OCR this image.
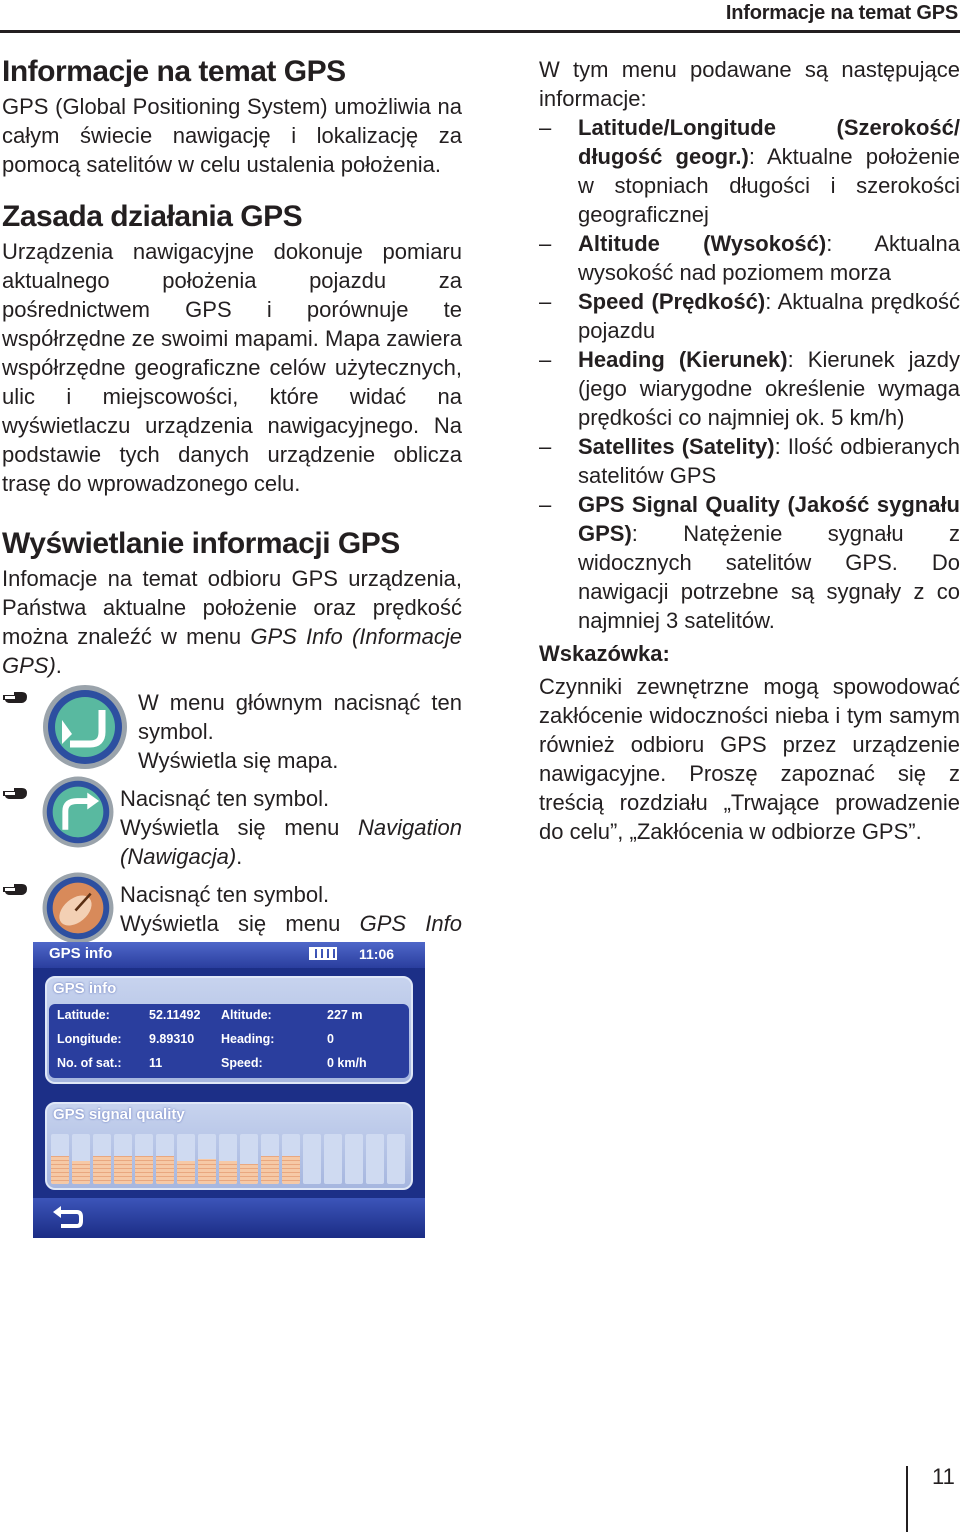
Informacje na temat GPS
Informacje na temat GPS

GPS (Global Positioning System) umożliwia na całym świecie nawigację i lokalizację za pomocą satelitów w celu ustalenia położenia.

Zasada działania GPS

Urządzenia nawigacyjne dokonuje pomiaru aktualnego położenia pojazdu za pośrednictwem GPS i porównuje te współrzędne ze swoimi mapami. Mapa zawiera współrzędne geograficzne celów użytecznych, ulic i miejscowości, które widać na wyświetlaczu urządzenia nawigacyjnego. Na podstawie tych danych urządzenie oblicza trasę do wprowadzonego celu.

Wyświetlanie informacji GPS

Infomacje na temat odbioru GPS urządzenia, Państwa aktualne położenie oraz prędkość można znaleźć w menu GPS Info (Informacje GPS).

W menu głównym nacisnąć ten symbol.
Wyświetla się mapa.
Nacisnąć ten symbol.
Wyświetla się menu Navigation (Nawigacja).
Nacisnąć ten symbol.
Wyświetla się menu GPS Info
GPS info	11:06
GPS info
Latitude:	52.11492 Altitude:	227 m
Longitude: 9.89310 Heading:	0
No. of sat.: 11	Speed:	0 km/h
GPS signal quality

W tym menu podawane są następujące informacje:

– Latitude/Longitude (Szerokość/ długość geogr.): Aktualne położenie w stopniach długości i szerokości geograficznej
– Altitude (Wysokość): Aktualna wysokość nad poziomem morza
– Speed (Prędkość): Aktualna prędkość pojazdu
– Heading (Kierunek): Kierunek jazdy (jego wiarygodne określenie wymaga prędkości co najmniej ok. 5 km/h)
– Satellites (Satelity): Ilość odbieranych satelitów GPS
– GPS Signal Quality (Jakość sygnału GPS): Natężenie sygnału z widocznych satelitów GPS. Do nawigacji potrzebne są sygnały z co najmniej 3 satelitów.
Wskazówka:

Czynniki zewnętrzne mogą spowodować zakłócenie widoczności nieba i tym samym również odbioru GPS przez urządzenie nawigacyjne. Proszę zapoznać się z treścią rozdziału „Trwające prowadzenie do celu”, „Zakłócenia w odbiorze GPS”.

11
